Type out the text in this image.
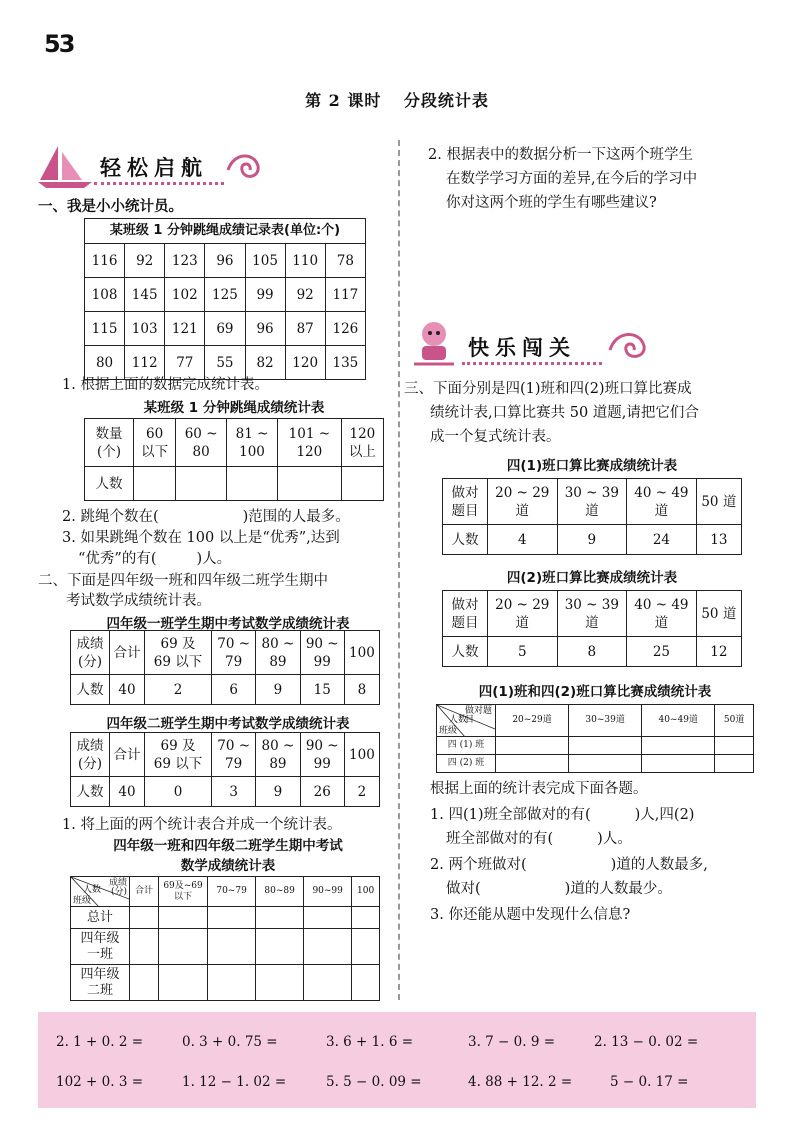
53
第 2 课时 分段统计表
轻松启航
一、我是小小统计员。
某班级 1 分钟跳绳成绩记录表(单位:个)						
116	92	123	96	105	110	78
108	145	102	125	99	92	117
115	103	121	69	96	87	126
80	112	77	55	82	120	135
1. 根据上面的数据完成统计表。
某班级 1 分钟跳绳成绩统计表
数量
(个)	60
以下	60 ~
80	81 ~
100	101 ~
120	120
以上
人数					
2. 跳绳个数在(	)范围的人最多。
3. 如果跳绳个数在 100 以上是“优秀”,达到
“优秀”的有(	)人。
二、下面是四年级一班和四年级二班学生期中
考试数学成绩统计表。
四年级一班学生期中考试数学成绩统计表
成绩
(分)	合计	69 及
69 以下	70 ~
79	80 ~
89	90 ~
99	100
人数	40	2	6	9	15	8
四年级二班学生期中考试数学成绩统计表
成绩
(分)	合计	69 及
69 以下	70 ~
79	80 ~
89	90 ~
99	100
人数	40	0	3	9	26	2
1. 将上面的两个统计表合并成一个统计表。
四年级一班和四年级二班学生期中考试
数学成绩统计表
成绩
(分)
人数
班级	合计	69及~69以下	70~79	80~89	90~99	100
总计						
四年级
一班						
四年级
二班						
2. 根据表中的数据分析一下这两个班学生
在数学学习方面的差异,在今后的学习中
你对这两个班的学生有哪些建议?
快乐闯关
三、下面分别是四(1)班和四(2)班口算比赛成
绩统计表,口算比赛共 50 道题,请把它们合
成一个复式统计表。
四(1)班口算比赛成绩统计表
做对
题目	20 ~ 29
道	30 ~ 39
道	40 ~ 49
道	50 道
人数	4	9	24	13
四(2)班口算比赛成绩统计表
做对
题目	20 ~ 29
道	30 ~ 39
道	40 ~ 49
道	50 道
人数	5	8	25	12
四(1)班和四(2)班口算比赛成绩统计表
做对题目
人数
班级	20~29道	30~39道	40~49道	50道
四 (1) 班				
四 (2) 班				
根据上面的统计表完成下面各题。
1. 四(1)班全部做对的有(	)人,四(2)
班全部做对的有(	)人。
2. 两个班做对(	)道的人数最多,
做对(	)道的人数最少。
3. 你还能从题中发现什么信息?
2. 1 + 0. 2 =	0. 3 + 0. 75 =	3. 6 + 1. 6 =	3. 7 − 0. 9 =	2. 13 − 0. 02 =
102 + 0. 3 =	1. 12 − 1. 02 =	5. 5 − 0. 09 =	4. 88 + 12. 2 =	5 − 0. 17 =
